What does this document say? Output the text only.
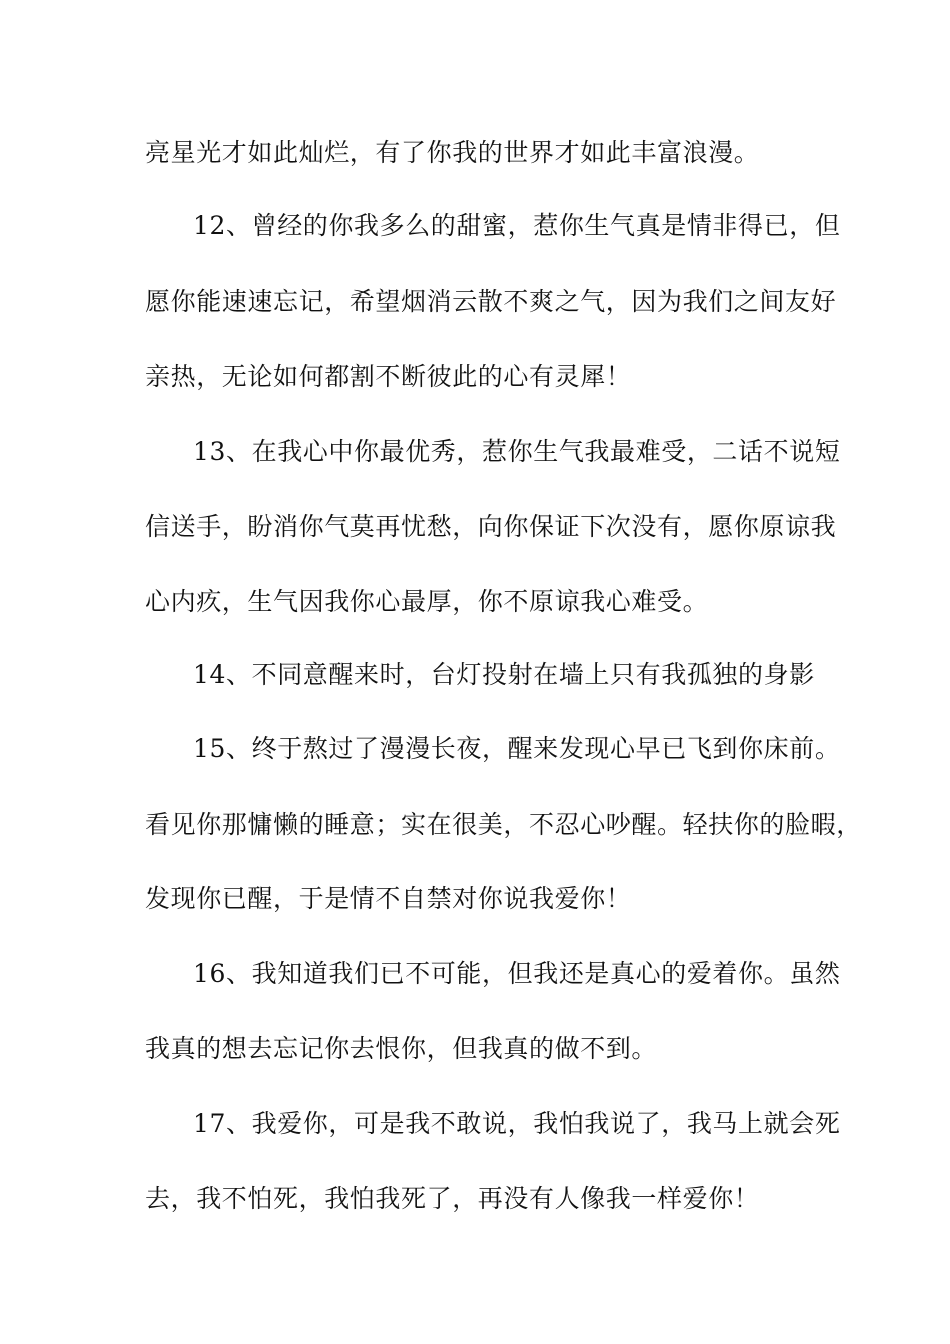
亮星光才如此灿烂，有了你我的世界才如此丰富浪漫。
12、曾经的你我多么的甜蜜，惹你生气真是情非得已，但
愿你能速速忘记，希望烟消云散不爽之气，因为我们之间友好
亲热，无论如何都割不断彼此的心有灵犀！
13、在我心中你最优秀，惹你生气我最难受，二话不说短
信送手，盼消你气莫再忧愁，向你保证下次没有，愿你原谅我
心内疚，生气因我你心最厚，你不原谅我心难受。
14、不同意醒来时，台灯投射在墙上只有我孤独的身影
15、终于熬过了漫漫长夜，醒来发现心早已飞到你床前。
看见你那慵懒的睡意；实在很美，不忍心吵醒。轻扶你的脸暇，
发现你已醒，于是情不自禁对你说我爱你！
16、我知道我们已不可能，但我还是真心的爱着你。虽然
我真的想去忘记你去恨你，但我真的做不到。
17、我爱你，可是我不敢说，我怕我说了，我马上就会死
去，我不怕死，我怕我死了，再没有人像我一样爱你！
